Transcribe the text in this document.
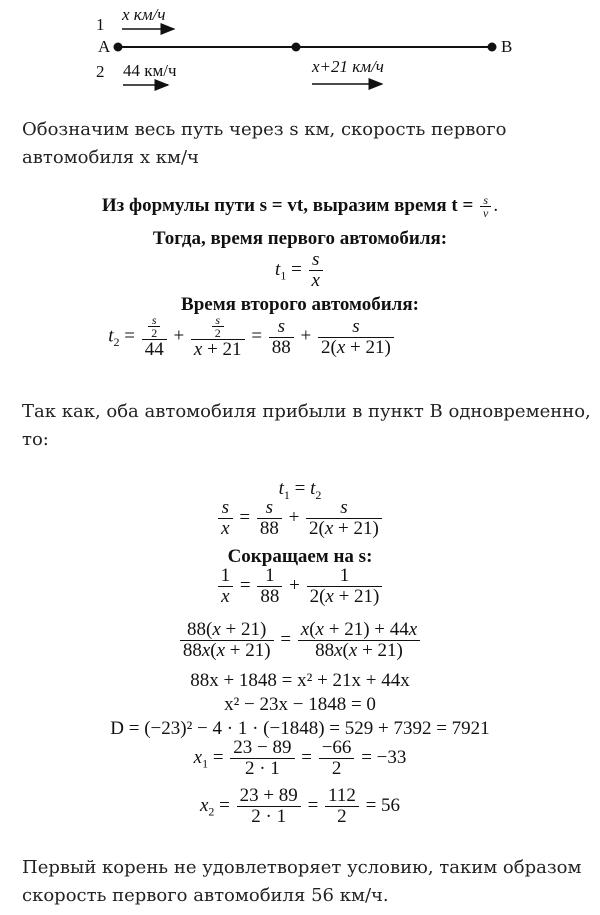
1
x км/ч
A	B
2 44 км/ч	x+21 км/ч

Обозначим весь путь через s км, скорость первого автомобиля x км/ч

Из формулы пути s = vt, выразим время $t = \frac{s}{v}$ .
Тогда, время первого автомобиля:
$t_1 = \frac{s}{x}$
Время второго автомобиля:
$t_2 = \frac{\frac{s}{2}}{44} + \frac{\frac{s}{2}}{x + 21} = \frac{s}{88} + \frac{s}{2(x + 21)}$

Так как, оба автомобиля прибыли в пункт B одновременно, то:

$t_1 = t_2$
$\frac{s}{x} = \frac{s}{88} + \frac{s}{2(x + 21)}$
Сокращаем на s:
$\frac{1}{x} = \frac{1}{88} + \frac{1}{2(x + 21)}$
$\frac{88(x + 21)}{88x(x + 21)} = \frac{x(x + 21) + 44x}{88x(x + 21)}$
88x + 1848 = x² + 21x + 44x
x² − 23x − 1848 = 0
D = (−23)² − 4 · 1 · (−1848) = 529 + 7392 = 7921
$x_1 = \frac{23 - 89}{2 \cdot 1} = \frac{-66}{2} = -33$
$x_2 = \frac{23 + 89}{2 \cdot 1} = \frac{112}{2} = 56$

Первый корень не удовлетворяет условию, таким образом скорость первого автомобиля 56 км/ч.
